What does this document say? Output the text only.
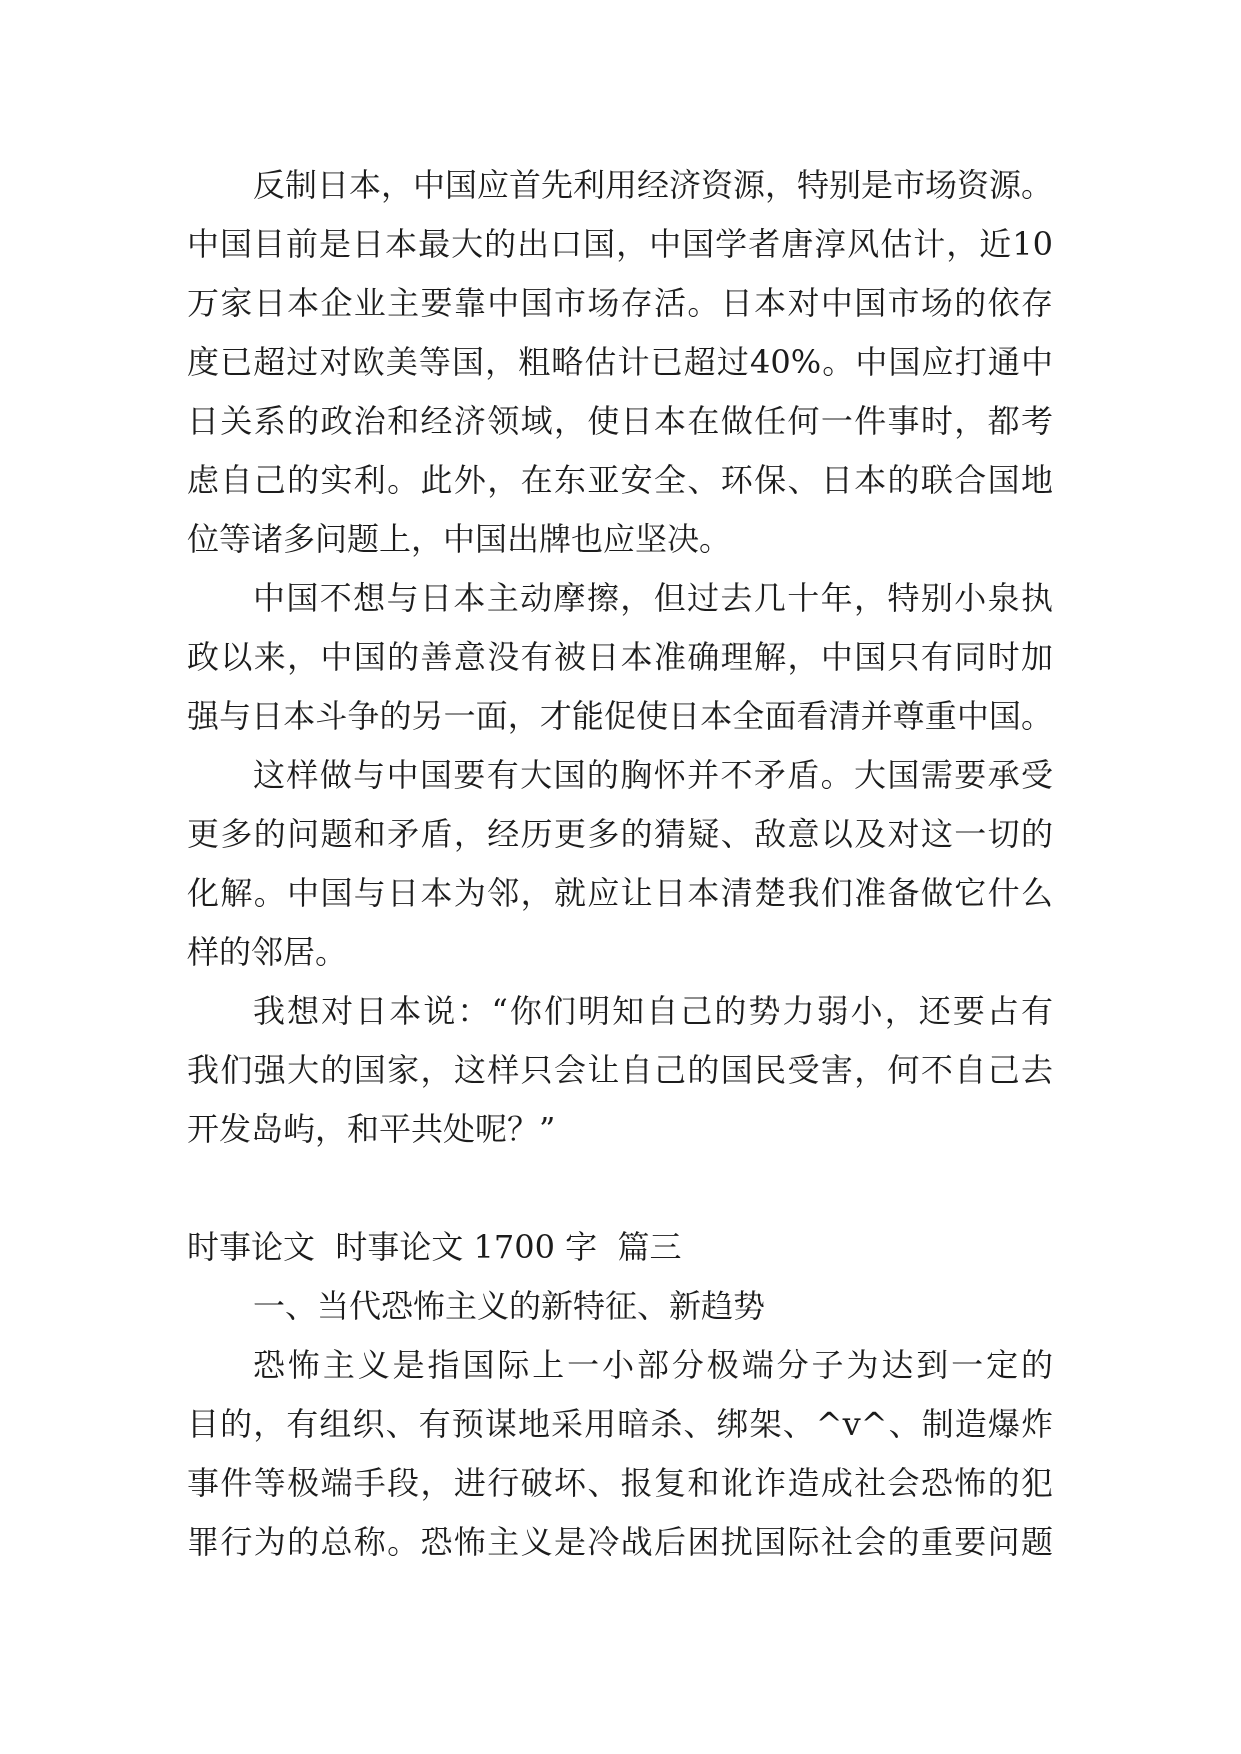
反制日本，中国应首先利用经济资源，特别是市场资源。
中国目前是日本最大的出口国，中国学者唐淳风估计，近10
万家日本企业主要靠中国市场存活。日本对中国市场的依存
度已超过对欧美等国，粗略估计已超过40%。中国应打通中
日关系的政治和经济领域，使日本在做任何一件事时，都考
虑自己的实利。此外，在东亚安全、环保、日本的联合国地
位等诸多问题上，中国出牌也应坚决。
中国不想与日本主动摩擦，但过去几十年，特别小泉执
政以来，中国的善意没有被日本准确理解，中国只有同时加
强与日本斗争的另一面，才能促使日本全面看清并尊重中国。
这样做与中国要有大国的胸怀并不矛盾。大国需要承受
更多的问题和矛盾，经历更多的猜疑、敌意以及对这一切的
化解。中国与日本为邻，就应让日本清楚我们准备做它什么
样的邻居。
我想对日本说：“你们明知自己的势力弱小，还要占有
我们强大的国家，这样只会让自己的国民受害，何不自己去
开发岛屿，和平共处呢？”
时事论文  时事论文 1700 字  篇三
一、当代恐怖主义的新特征、新趋势
恐怖主义是指国际上一小部分极端分子为达到一定的
目的，有组织、有预谋地采用暗杀、绑架、^v^、制造爆炸
事件等极端手段，进行破坏、报复和讹诈造成社会恐怖的犯
罪行为的总称。恐怖主义是冷战后困扰国际社会的重要问题
